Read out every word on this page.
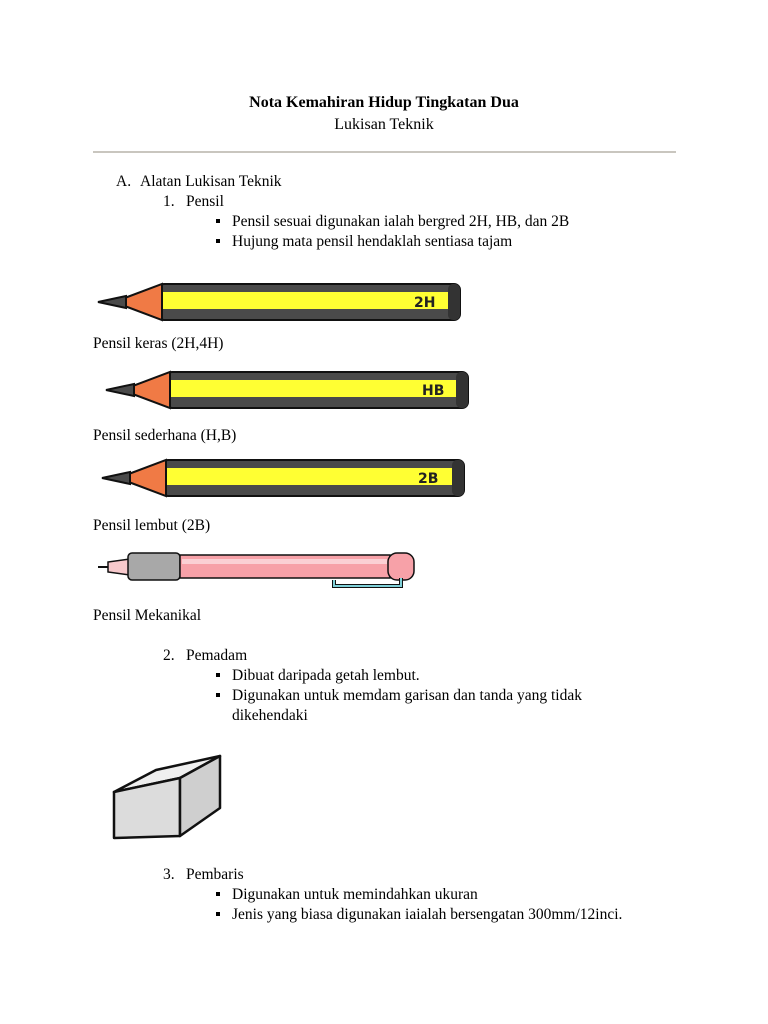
Nota Kemahiran Hidup Tingkatan Dua
Lukisan Teknik
A. Alatan Lukisan Teknik
1. Pensil
Pensil sesuai digunakan ialah bergred 2H, HB, dan 2B
Hujung mata pensil hendaklah sentiasa tajam
2H
Pensil keras (2H,4H)
HB
Pensil sederhana (H,B)
2B
Pensil lembut (2B)
Pensil Mekanikal
2. Pemadam
Dibuat daripada getah lembut.
Digunakan untuk memdam garisan dan tanda yang tidak
dikehendaki
3. Pembaris
Digunakan untuk memindahkan ukuran
Jenis yang biasa digunakan iaialah bersengatan 300mm/12inci.
